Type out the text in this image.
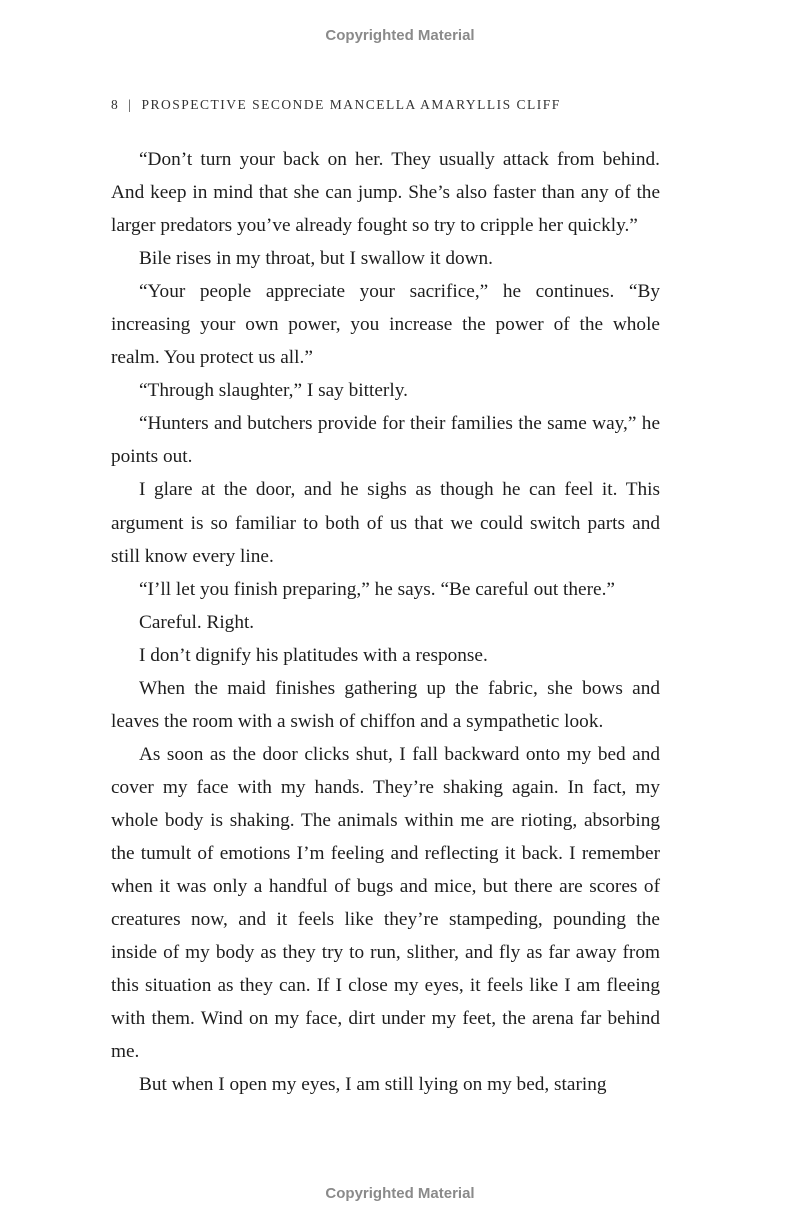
Copyrighted Material
8 | PROSPECTIVE SECONDE MANCELLA AMARYLLIS CLIFF

“Don’t turn your back on her. They usually attack from behind. And keep in mind that she can jump. She’s also faster than any of the larger predators you’ve already fought so try to cripple her quickly.”

Bile rises in my throat, but I swallow it down.

“Your people appreciate your sacrifice,” he continues. “By increasing your own power, you increase the power of the whole realm. You protect us all.”

“Through slaughter,” I say bitterly.

“Hunters and butchers provide for their families the same way,” he points out.

I glare at the door, and he sighs as though he can feel it. This argument is so familiar to both of us that we could switch parts and still know every line.

“I’ll let you finish preparing,” he says. “Be careful out there.”

Careful. Right.

I don’t dignify his platitudes with a response.

When the maid finishes gathering up the fabric, she bows and leaves the room with a swish of chiffon and a sympathetic look.

As soon as the door clicks shut, I fall backward onto my bed and cover my face with my hands. They’re shaking again. In fact, my whole body is shaking. The animals within me are rioting, absorbing the tumult of emotions I’m feeling and reflecting it back. I remember when it was only a handful of bugs and mice, but there are scores of creatures now, and it feels like they’re stampeding, pounding the inside of my body as they try to run, slither, and fly as far away from this situation as they can. If I close my eyes, it feels like I am fleeing with them. Wind on my face, dirt under my feet, the arena far behind me.

But when I open my eyes, I am still lying on my bed, staring

Copyrighted Material
